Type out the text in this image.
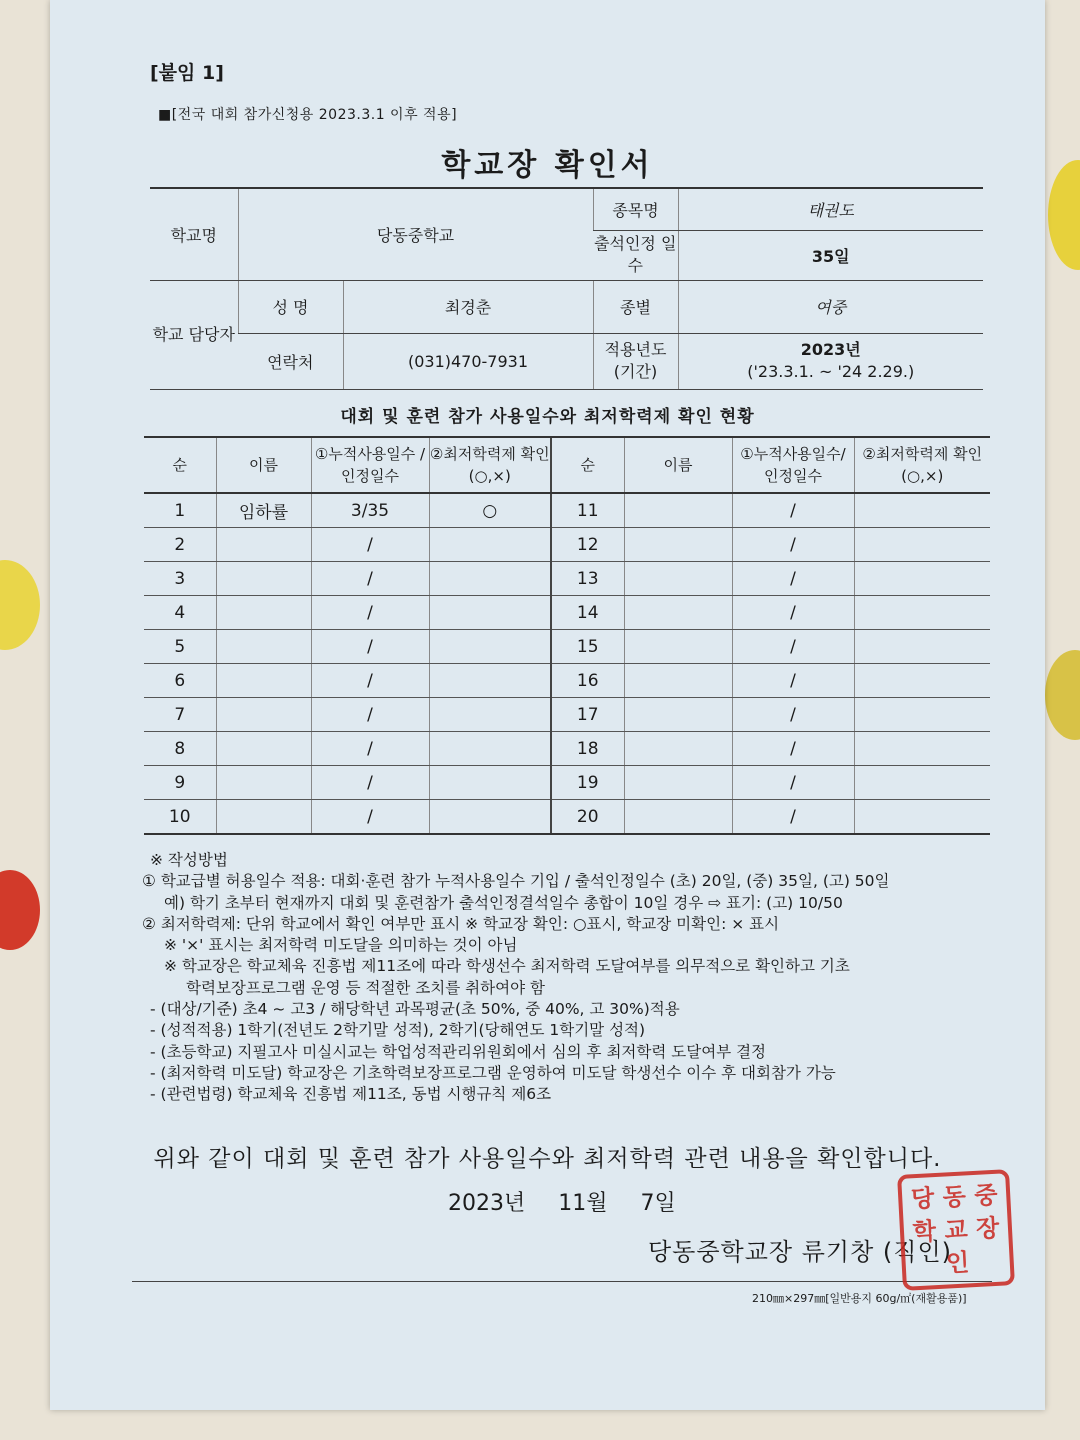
[붙임 1]
■[전국 대회 참가신청용 2023.3.1 이후 적용]
학교장 확인서
학교명	당동중학교		종목명	태권도
			출석인정 일수	35일
학교 담당자	성 명	최경춘	종별	여중
	연락처	(031)470-7931	적용년도 (기간)	2023년
('23.3.1. ~ '24 2.29.)
대회 및 훈련 참가 사용일수와 최저학력제 확인 현황
순	이름	①누적사용일수 /인정일수	②최저학력제 확인(○,×)	순	이름	①누적사용일수/ 인정일수	②최저학력제 확인(○,×)
1	임하률	3/35	○	11		/	
2		/		12		/	
3		/		13		/	
4		/		14		/	
5		/		15		/	
6		/		16		/	
7		/		17		/	
8		/		18		/	
9		/		19		/	
10		/		20		/	
※ 작성방법
① 학교급별 허용일수 적용: 대회·훈련 참가 누적사용일수 기입 / 출석인정일수 (초) 20일, (중) 35일, (고) 50일
예) 학기 초부터 현재까지 대회 및 훈련참가 출석인정결석일수 총합이 10일 경우 ⇨ 표기: (고) 10/50
② 최저학력제: 단위 학교에서 확인 여부만 표시 ※ 학교장 확인: ○표시, 학교장 미확인: × 표시
※ '×' 표시는 최저학력 미도달을 의미하는 것이 아님
※ 학교장은 학교체육 진흥법 제11조에 따라 학생선수 최저학력 도달여부를 의무적으로 확인하고 기초
학력보장프로그램 운영 등 적절한 조치를 취하여야 함
- (대상/기준) 초4 ~ 고3 / 해당학년 과목평균(초 50%, 중 40%, 고 30%)적용
- (성적적용) 1학기(전년도 2학기말 성적), 2학기(당해연도 1학기말 성적)
- (초등학교) 지필고사 미실시교는 학업성적관리위원회에서 심의 후 최저학력 도달여부 결정
- (최저학력 미도달) 학교장은 기초학력보장프로그램 운영하여 미도달 학생선수 이수 후 대회참가 가능
- (관련법령) 학교체육 진흥법 제11조, 동법 시행규칙 제6조
위와 같이 대회 및 훈련 참가 사용일수와 최저학력 관련 내용을 확인합니다.
2023년 11월 7일
당동중학교장 류기창 (직인)
210㎜×297㎜[일반용지 60g/㎡(재활용품)]
당 동 중
학 교 장
인
